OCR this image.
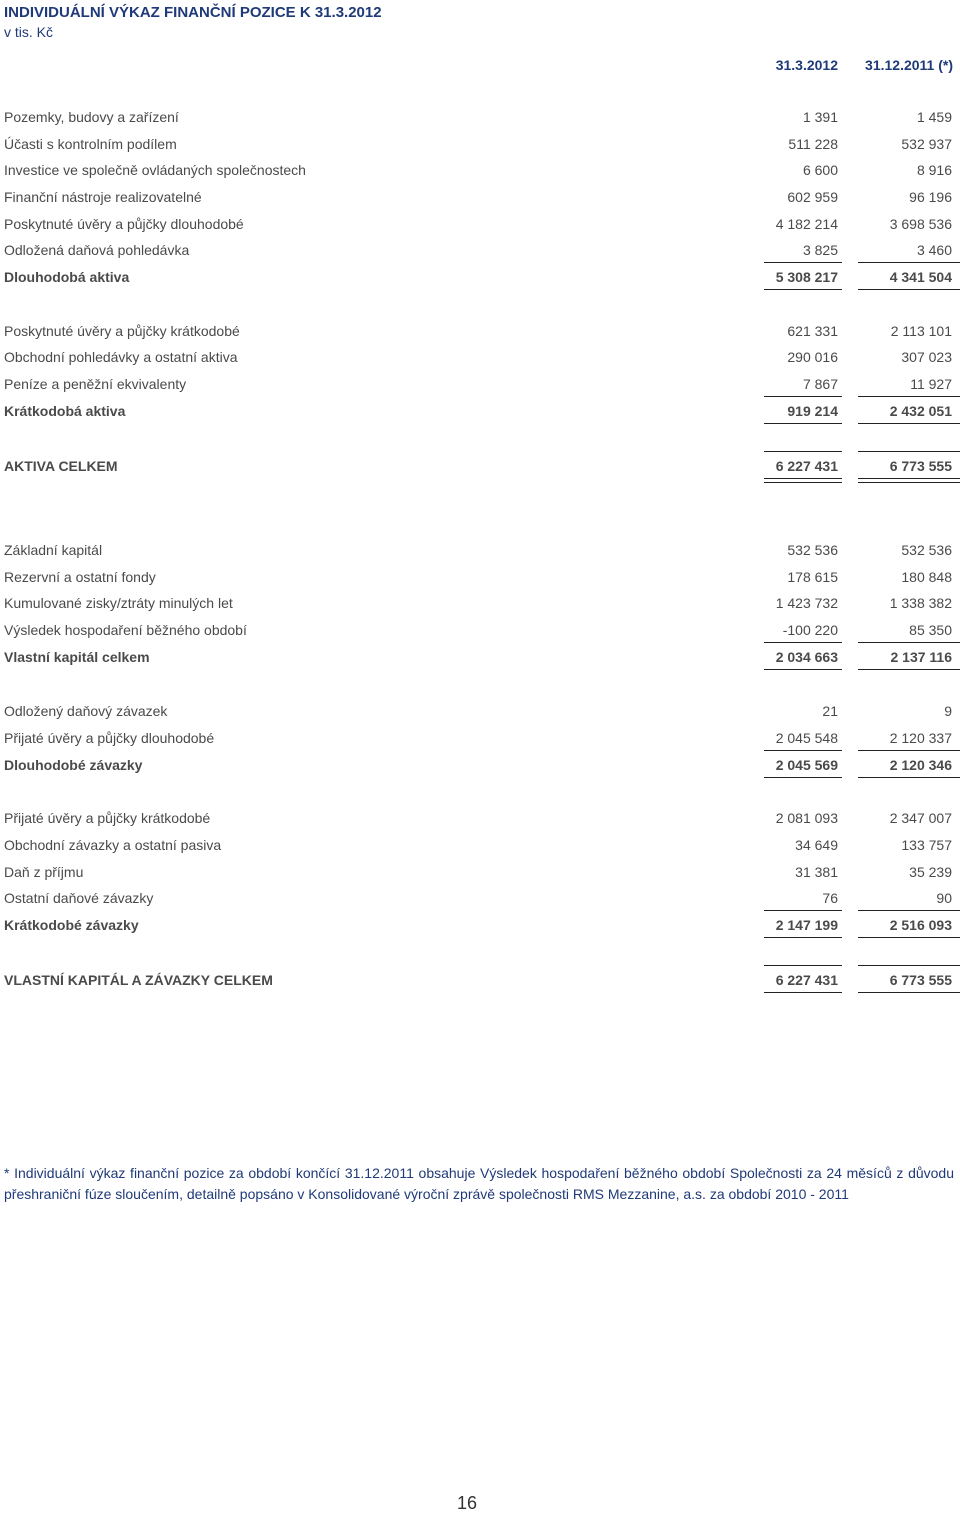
INDIVIDUÁLNÍ VÝKAZ FINANČNÍ POZICE K 31.3.2012
v tis. Kč
31.3.2012	31.12.2011 (*)
Pozemky, budovy a zařízení	1 391	1 459
Účasti s kontrolním podílem	511 228	532 937
Investice ve společně ovládaných společnostech	6 600	8 916
Finanční nástroje realizovatelné	602 959	96 196
Poskytnuté úvěry a půjčky dlouhodobé	4 182 214	3 698 536
Odložená daňová pohledávka	3 825	3 460
Dlouhodobá aktiva	5 308 217	4 341 504
Poskytnuté úvěry a půjčky krátkodobé	621 331	2 113 101
Obchodní pohledávky a ostatní aktiva	290 016	307 023
Peníze a peněžní ekvivalenty	7 867	11 927
Krátkodobá aktiva	919 214	2 432 051
AKTIVA CELKEM	6 227 431	6 773 555
Základní kapitál	532 536	532 536
Rezervní a ostatní fondy	178 615	180 848
Kumulované zisky/ztráty minulých let	1 423 732	1 338 382
Výsledek hospodaření běžného období	-100 220	85 350
Vlastní kapitál celkem	2 034 663	2 137 116
Odložený daňový závazek	21	9
Přijaté úvěry a půjčky dlouhodobé	2 045 548	2 120 337
Dlouhodobé závazky	2 045 569	2 120 346
Přijaté úvěry a půjčky krátkodobé	2 081 093	2 347 007
Obchodní závazky a ostatní pasiva	34 649	133 757
Daň z příjmu	31 381	35 239
Ostatní daňové závazky	76	90
Krátkodobé závazky	2 147 199	2 516 093
VLASTNÍ KAPITÁL A ZÁVAZKY CELKEM	6 227 431	6 773 555
* Individuální výkaz finanční pozice za období končící 31.12.2011 obsahuje Výsledek hospodaření běžného období Společnosti za 24 měsíců z důvodu přeshraniční fúze sloučením, detailně popsáno v Konsolidované výroční zprávě společnosti RMS Mezzanine, a.s. za období 2010 - 2011
16
